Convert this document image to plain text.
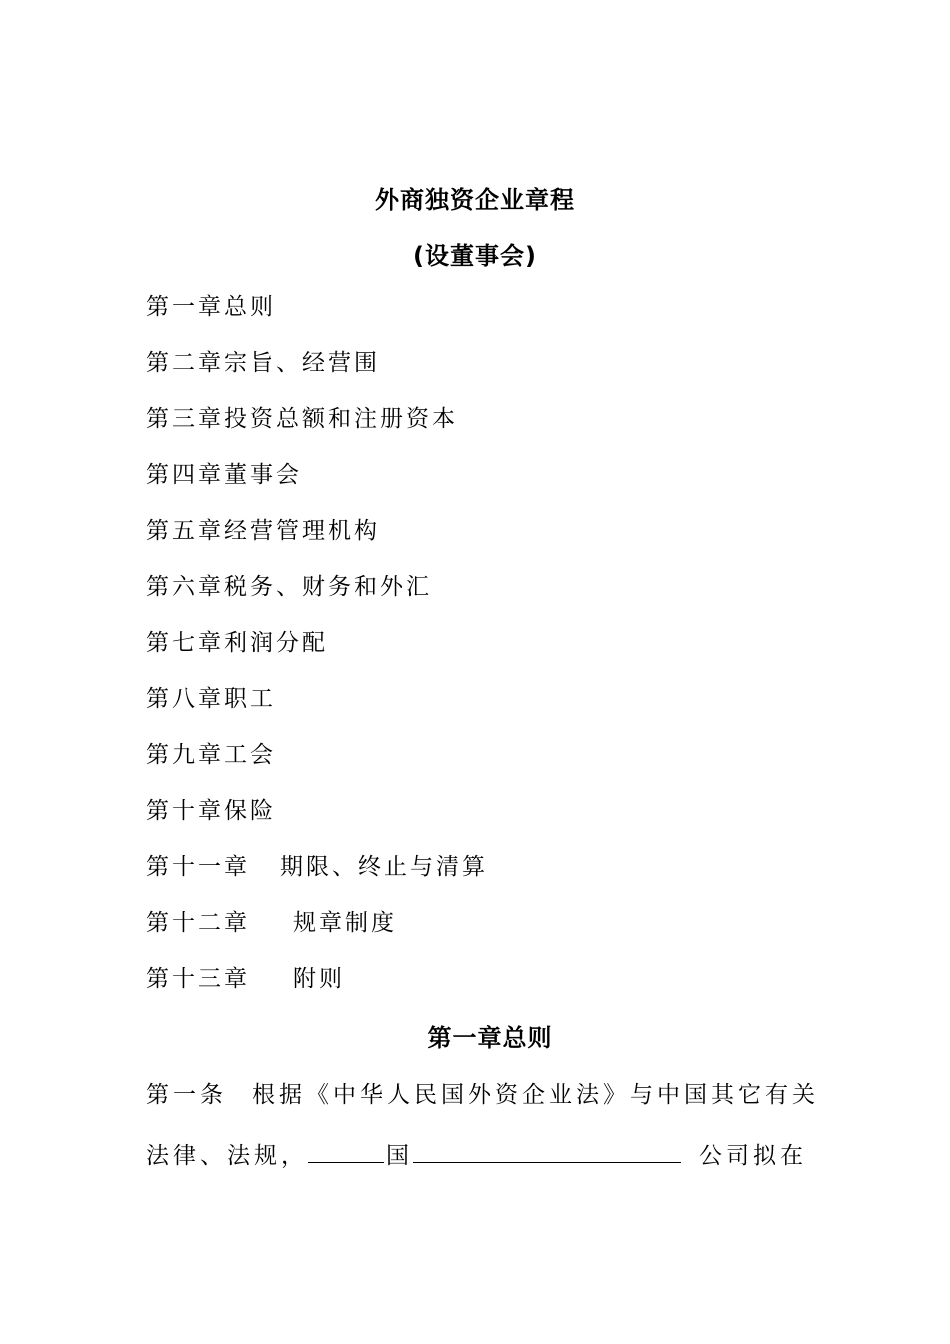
外商独资企业章程
(设董事会)
第一章总则
第二章宗旨、经营围
第三章投资总额和注册资本
第四章董事会
第五章经营管理机构
第六章税务、财务和外汇
第七章利润分配
第八章职工
第九章工会
第十章保险
第十一章 期限、终止与清算
第十二章 规章制度
第十三章 附则
第一章总则
第一条 根据《中华人民国外资企业法》与中国其它有关
法律、法规，	国	公司拟在
